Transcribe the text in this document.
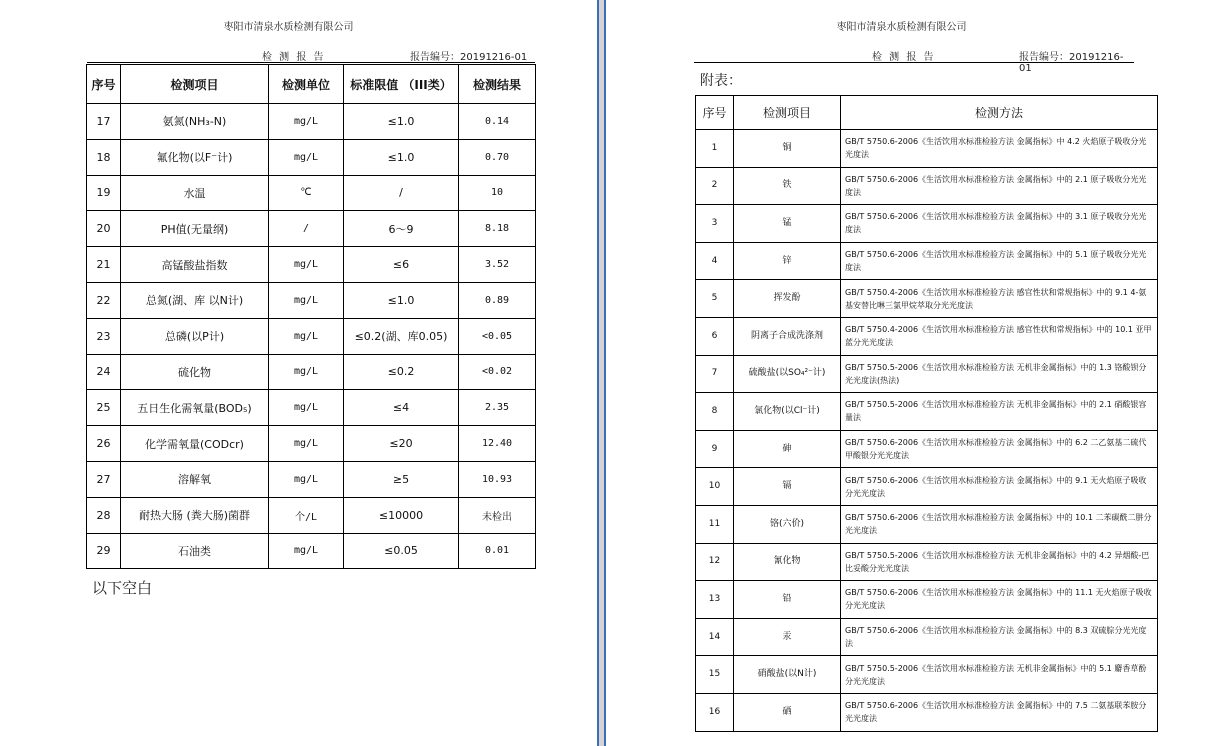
枣阳市清泉水质检测有限公司
检 测 报 告	报告编号：20191216-01
序号	检测项目	检测单位	标准限值 （III类）	检测结果
17	氨氮(NH₃-N)	mg/L	≤1.0	0.14
18	氟化物(以F⁻计)	mg/L	≤1.0	0.70
19	水温	℃	/	10
20	PH值(无量纲)	/	6～9	8.18
21	高锰酸盐指数	mg/L	≤6	3.52
22	总氮(湖、库 以N计)	mg/L	≤1.0	0.89
23	总磷(以P计)	mg/L	≤0.2(湖、库0.05)	<0.05
24	硫化物	mg/L	≤0.2	<0.02
25	五日生化需氧量(BOD₅)	mg/L	≤4	2.35
26	化学需氧量(CODcr)	mg/L	≤20	12.40
27	溶解氧	mg/L	≥5	10.93
28	耐热大肠 (粪大肠)菌群	个/L	≤10000	未检出
29	石油类	mg/L	≤0.05	0.01
以下空白
枣阳市清泉水质检测有限公司
检 测 报 告	报告编号：20191216-01
附表：
序号	检测项目	检测方法
1	铜	GB/T 5750.6-2006《生活饮用水标准检验方法 金属指标》中 4.2 火焰原子吸收分光光度法
2	铁	GB/T 5750.6-2006《生活饮用水标准检验方法 金属指标》中的 2.1 原子吸收分光光度法
3	锰	GB/T 5750.6-2006《生活饮用水标准检验方法 金属指标》中的 3.1 原子吸收分光光度法
4	锌	GB/T 5750.6-2006《生活饮用水标准检验方法 金属指标》中的 5.1 原子吸收分光光度法
5	挥发酚	GB/T 5750.4-2006《生活饮用水标准检验方法 感官性状和常规指标》中的 9.1 4-氨基安替比啉三氯甲烷萃取分光光度法
6	阴离子合成洗涤剂	GB/T 5750.4-2006《生活饮用水标准检验方法 感官性状和常规指标》中的 10.1 亚甲蓝分光光度法
7	硫酸盐(以SO₄²⁻计)	GB/T 5750.5-2006《生活饮用水标准检验方法 无机非金属指标》中的 1.3 铬酸钡分光光度法(热法)
8	氯化物(以Cl⁻计)	GB/T 5750.5-2006《生活饮用水标准检验方法 无机非金属指标》中的 2.1 硝酸银容量法
9	砷	GB/T 5750.6-2006《生活饮用水标准检验方法 金属指标》中的 6.2 二乙氨基二硫代甲酸银分光光度法
10	镉	GB/T 5750.6-2006《生活饮用水标准检验方法 金属指标》中的 9.1 无火焰原子吸收分光光度法
11	铬(六价)	GB/T 5750.6-2006《生活饮用水标准检验方法 金属指标》中的 10.1 二苯碳酰二肼分光光度法
12	氰化物	GB/T 5750.5-2006《生活饮用水标准检验方法 无机非金属指标》中的 4.2 异烟酸-巴比妥酸分光光度法
13	铅	GB/T 5750.6-2006《生活饮用水标准检验方法 金属指标》中的 11.1 无火焰原子吸收分光光度法
14	汞	GB/T 5750.6-2006《生活饮用水标准检验方法 金属指标》中的 8.3 双硫腙分光光度法
15	硝酸盐(以N计)	GB/T 5750.5-2006《生活饮用水标准检验方法 无机非金属指标》中的 5.1 麝香草酚分光光度法
16	硒	GB/T 5750.6-2006《生活饮用水标准检验方法 金属指标》中的 7.5 二氨基联苯胺分光光度法
